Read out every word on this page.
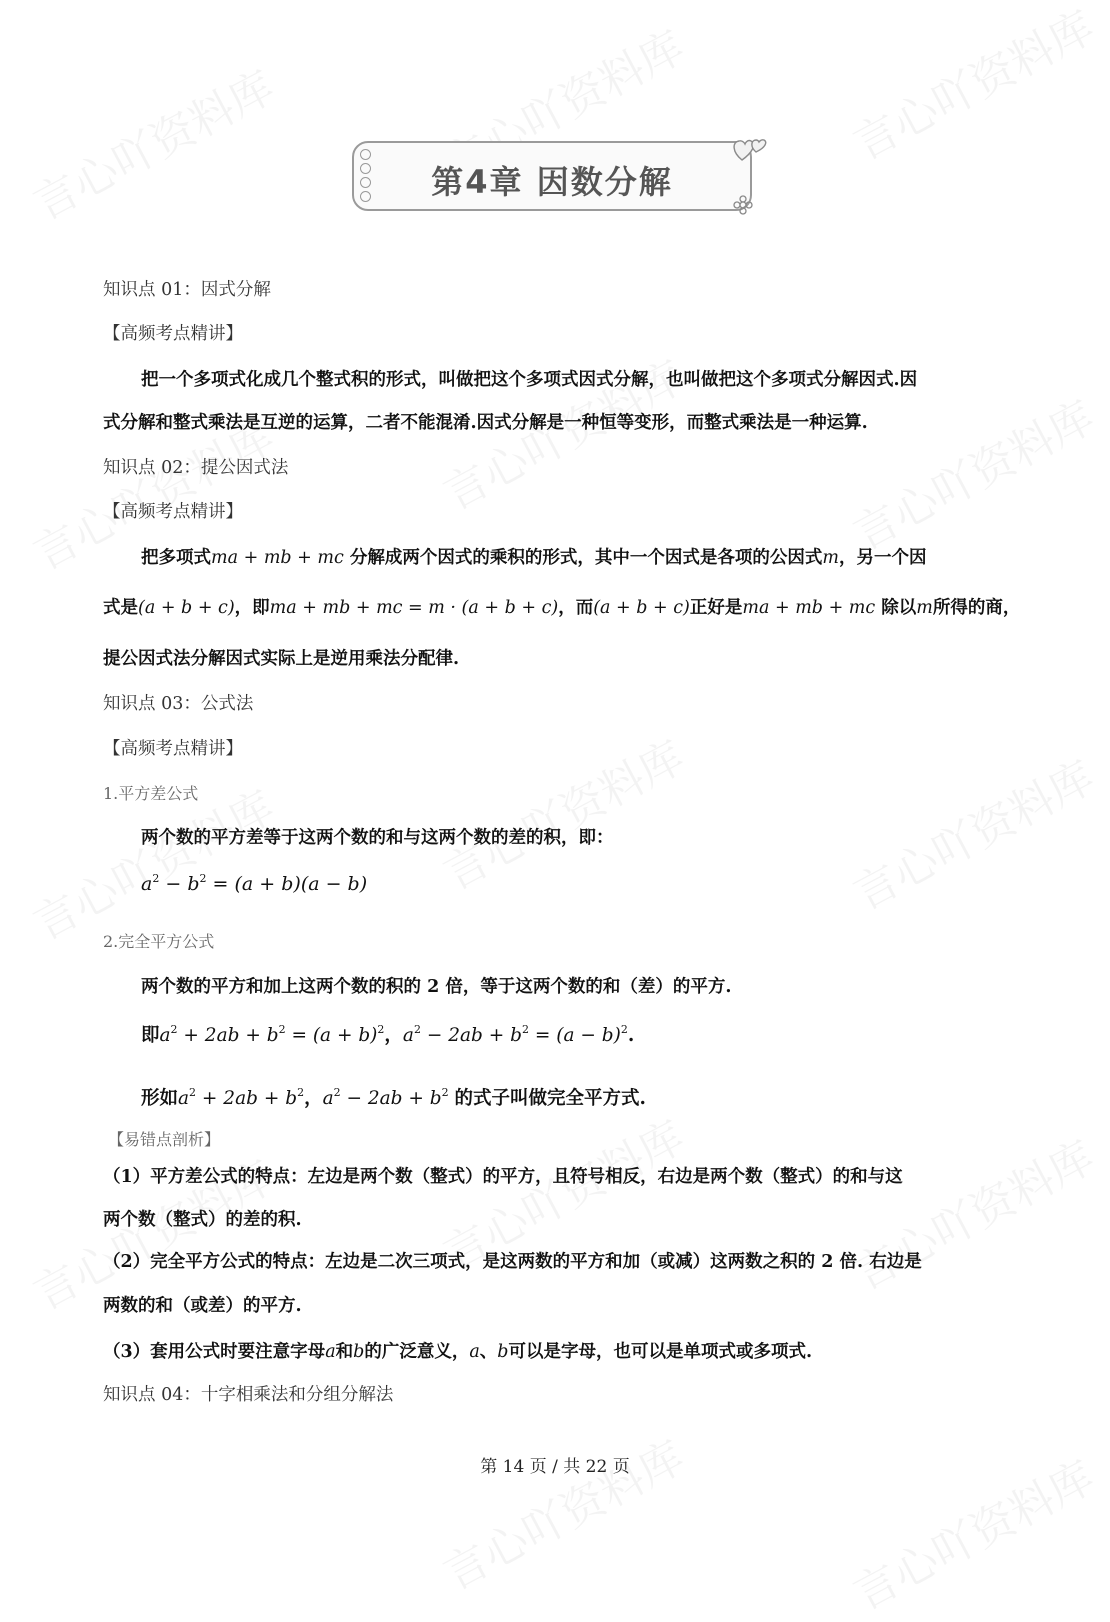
第4章 因数分解
知识点 01：因式分解
【高频考点精讲】
把一个多项式化成几个整式积的形式，叫做把这个多项式因式分解，也叫做把这个多项式分解因式.因
式分解和整式乘法是互逆的运算，二者不能混淆.因式分解是一种恒等变形，而整式乘法是一种运算.
知识点 02：提公因式法
【高频考点精讲】
把多项式ma + mb + mc 分解成两个因式的乘积的形式，其中一个因式是各项的公因式m，另一个因
式是(a + b + c)，即ma + mb + mc = m · (a + b + c)，而(a + b + c)正好是ma + mb + mc 除以m所得的商，
提公因式法分解因式实际上是逆用乘法分配律.
知识点 03：公式法
【高频考点精讲】
1.平方差公式
两个数的平方差等于这两个数的和与这两个数的差的积，即：
$a^2 - b^2 = (a + b)(a - b)$
2.完全平方公式
两个数的平方和加上这两个数的积的 2 倍，等于这两个数的和（差）的平方.
即$a^2 + 2ab + b^2 = (a + b)^2$，$a^2 - 2ab + b^2 = (a - b)^2$.
形如$a^2 + 2ab + b^2$，$a^2 - 2ab + b^2$ 的式子叫做完全平方式.
【易错点剖析】
（1）平方差公式的特点：左边是两个数（整式）的平方，且符号相反，右边是两个数（整式）的和与这
两个数（整式）的差的积.
（2）完全平方公式的特点：左边是二次三项式，是这两数的平方和加（或减）这两数之积的 2 倍. 右边是
两数的和（或差）的平方.
（3）套用公式时要注意字母a和b的广泛意义，a、b可以是字母，也可以是单项式或多项式.
知识点 04：十字相乘法和分组分解法
第 14 页 / 共 22 页
